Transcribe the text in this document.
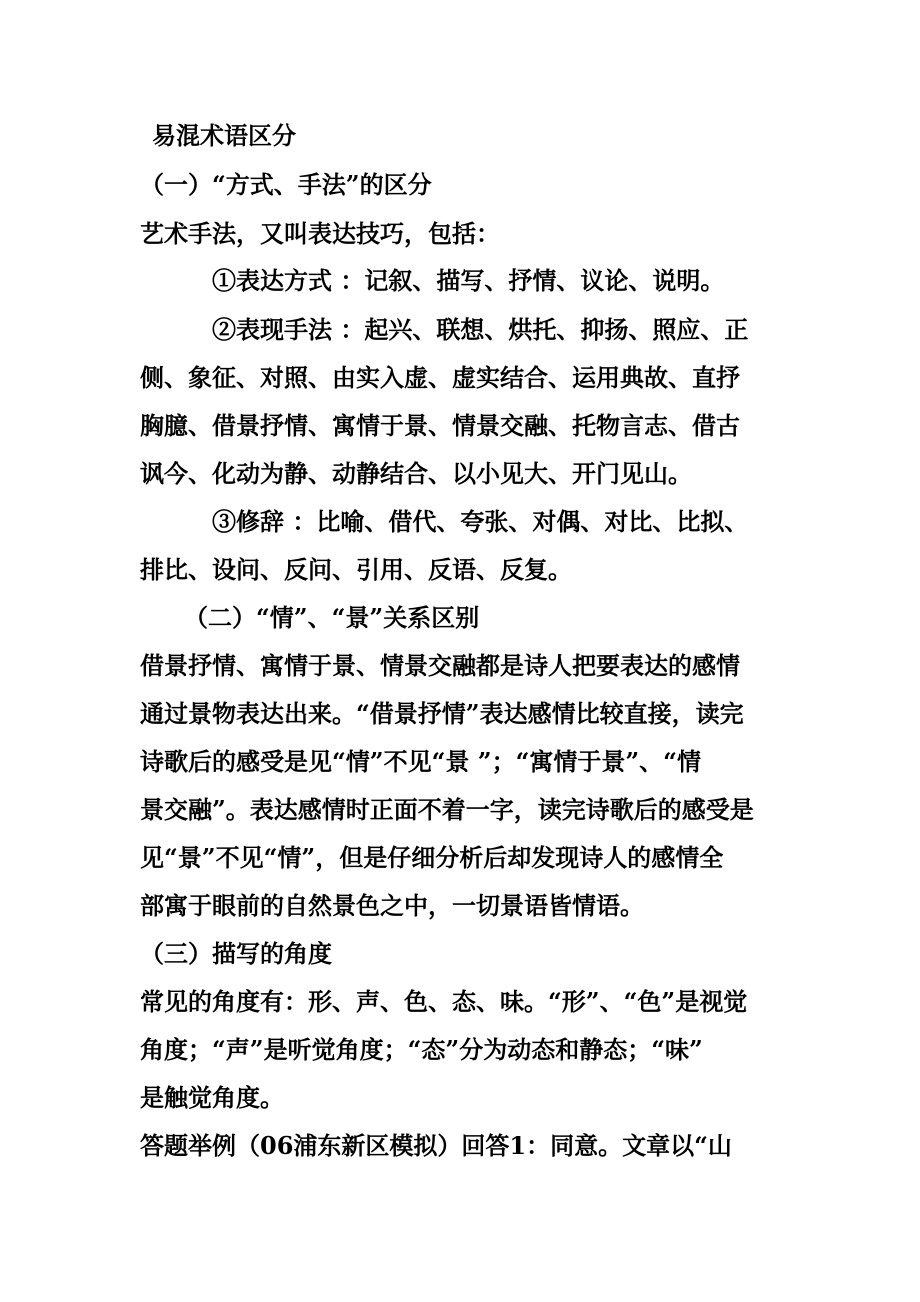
易混术语区分
（一）“方式、手法”的区分
艺术手法，又叫表达技巧，包括：
①表达方式 ：记叙、描写、抒情、议论、说明。
②表现手法 ：起兴、联想、烘托、抑扬、照应、正
侧、象征、对照、由实入虚、虚实结合、运用典故、直抒
胸臆、借景抒情、寓情于景、情景交融、托物言志、借古
讽今、化动为静、动静结合、以小见大、开门见山。
③修辞 ：比喻、借代、夸张、对偶、对比、比拟、
排比、设问、反问、引用、反语、反复。
（二）“情”、“景”关系区别
借景抒情、寓情于景、情景交融都是诗人把要表达的感情
通过景物表达出来。“借景抒情”表达感情比较直接，读完
诗歌后的感受是见“情”不见“景 ”；“寓情于景”、“情
景交融”。表达感情时正面不着一字，读完诗歌后的感受是
见“景”不见“情”，但是仔细分析后却发现诗人的感情全
部寓于眼前的自然景色之中，一切景语皆情语。
（三）描写的角度
常见的角度有：形、声、色、态、味。“形”、“色”是视觉
角度；“声”是听觉角度；“态”分为动态和静态；“味”
是触觉角度。
答题举例（06浦东新区模拟）回答1：同意。文章以“山
